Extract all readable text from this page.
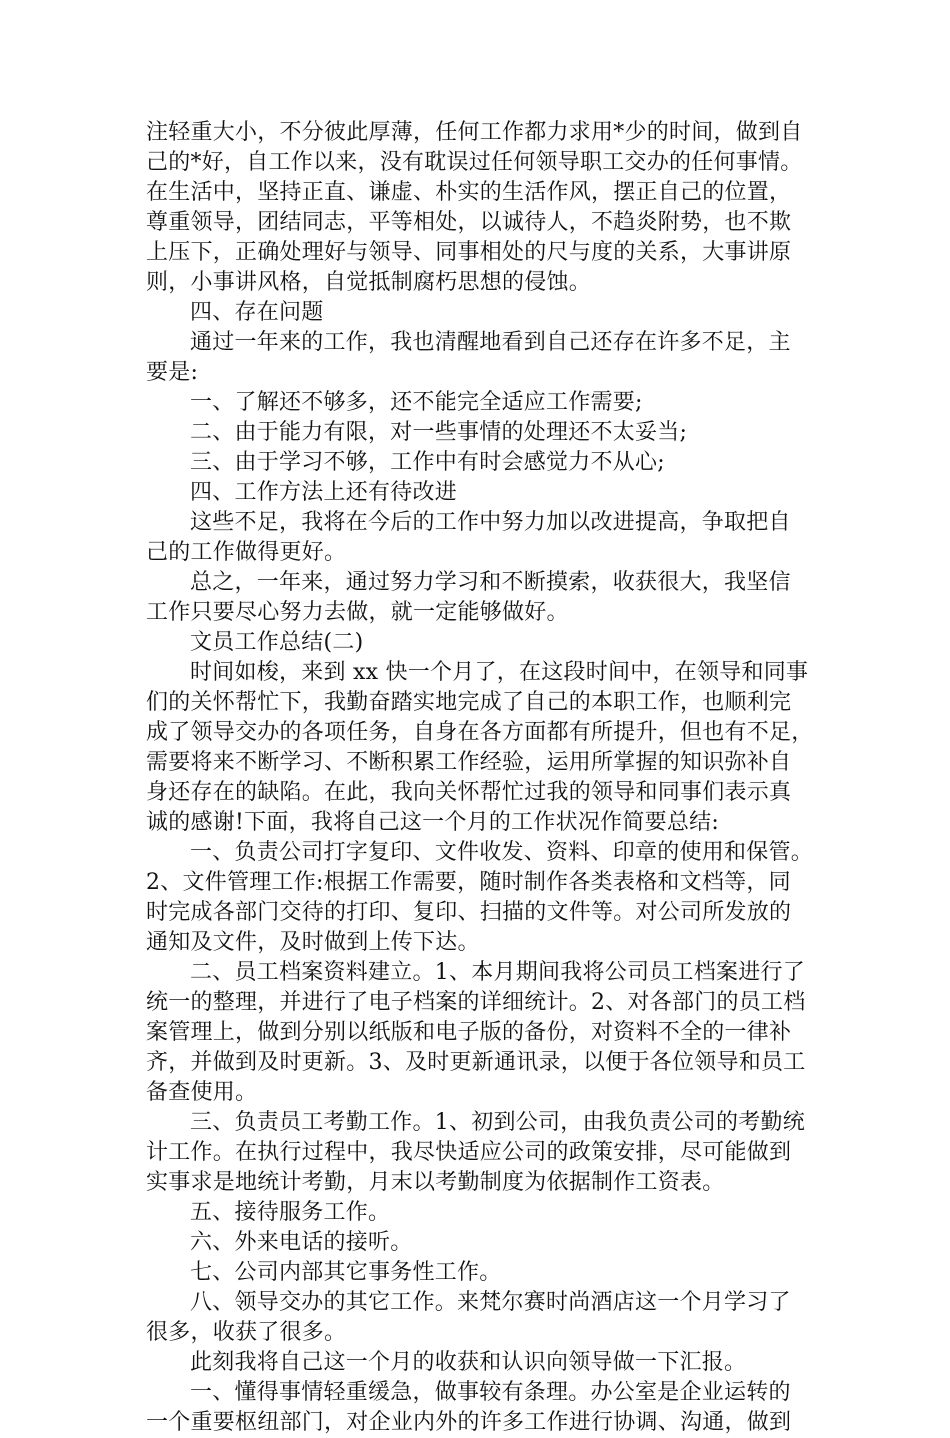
注轻重大小，不分彼此厚薄，任何工作都力求用*少的时间，做到自
己的*好，自工作以来，没有耽误过任何领导职工交办的任何事情。
在生活中，坚持正直、谦虚、朴实的生活作风，摆正自己的位置，
尊重领导，团结同志，平等相处，以诚待人，不趋炎附势，也不欺
上压下，正确处理好与领导、同事相处的尺与度的关系，大事讲原
则，小事讲风格，自觉抵制腐朽思想的侵蚀。
四、存在问题
通过一年来的工作，我也清醒地看到自己还存在许多不足，主
要是:
一、了解还不够多，还不能完全适应工作需要;
二、由于能力有限，对一些事情的处理还不太妥当;
三、由于学习不够，工作中有时会感觉力不从心;
四、工作方法上还有待改进
这些不足，我将在今后的工作中努力加以改进提高，争取把自
己的工作做得更好。
总之，一年来，通过努力学习和不断摸索，收获很大，我坚信
工作只要尽心努力去做，就一定能够做好。
文员工作总结(二)
时间如梭，来到 xx 快一个月了，在这段时间中，在领导和同事
们的关怀帮忙下，我勤奋踏实地完成了自己的本职工作，也顺利完
成了领导交办的各项任务，自身在各方面都有所提升，但也有不足，
需要将来不断学习、不断积累工作经验，运用所掌握的知识弥补自
身还存在的缺陷。在此，我向关怀帮忙过我的领导和同事们表示真
诚的感谢!下面，我将自己这一个月的工作状况作简要总结:
一、负责公司打字复印、文件收发、资料、印章的使用和保管。
2、文件管理工作:根据工作需要，随时制作各类表格和文档等，同
时完成各部门交待的打印、复印、扫描的文件等。对公司所发放的
通知及文件，及时做到上传下达。
二、员工档案资料建立。1、本月期间我将公司员工档案进行了
统一的整理，并进行了电子档案的详细统计。2、对各部门的员工档
案管理上，做到分别以纸版和电子版的备份，对资料不全的一律补
齐，并做到及时更新。3、及时更新通讯录，以便于各位领导和员工
备查使用。
三、负责员工考勤工作。1、初到公司，由我负责公司的考勤统
计工作。在执行过程中，我尽快适应公司的政策安排，尽可能做到
实事求是地统计考勤，月末以考勤制度为依据制作工资表。
五、接待服务工作。
六、外来电话的接听。
七、公司内部其它事务性工作。
八、领导交办的其它工作。来梵尔赛时尚酒店这一个月学习了
很多，收获了很多。
此刻我将自己这一个月的收获和认识向领导做一下汇报。
一、懂得事情轻重缓急，做事较有条理。办公室是企业运转的
一个重要枢纽部门，对企业内外的许多工作进行协调、沟通，做到
